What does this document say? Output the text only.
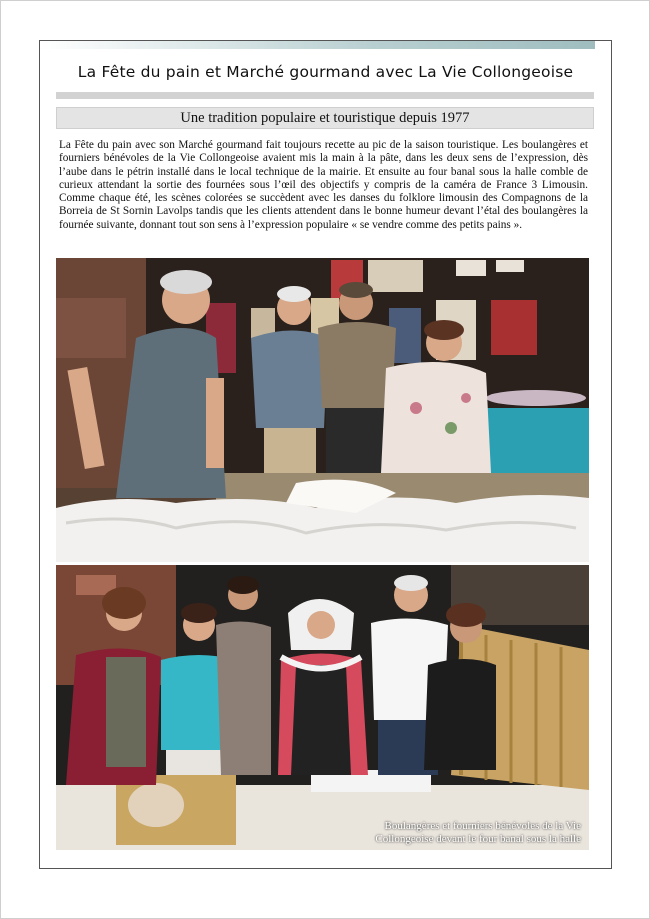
La Fête du pain et Marché gourmand avec La Vie Collongeoise
Une tradition populaire et touristique depuis 1977

La Fête du pain avec son Marché gourmand fait toujours recette au pic de la saison touristique. Les boulangères et fourniers bénévoles de la Vie Collongeoise avaient mis la main à la pâte, dans les deux sens de l’expression, dès l’aube dans le pétrin installé dans le local technique de la mairie. Et ensuite au four banal sous la halle comble de curieux attendant la sortie des fournées sous l’œil des objectifs y compris de la caméra de France 3 Limousin. Comme chaque été, les scènes colorées se succèdent avec les danses du folklore limousin des Compagnons de la Borreia de St Sornin Lavolps tandis que les clients attendent dans le bonne humeur devant l’étal des boulangères la fournée suivante, donnant tout son sens à l’expression populaire « se vendre comme des petits pains ».

Boulangères et fourniers bénévoles de la Vie
Collongeoise devant le four banal sous la halle
